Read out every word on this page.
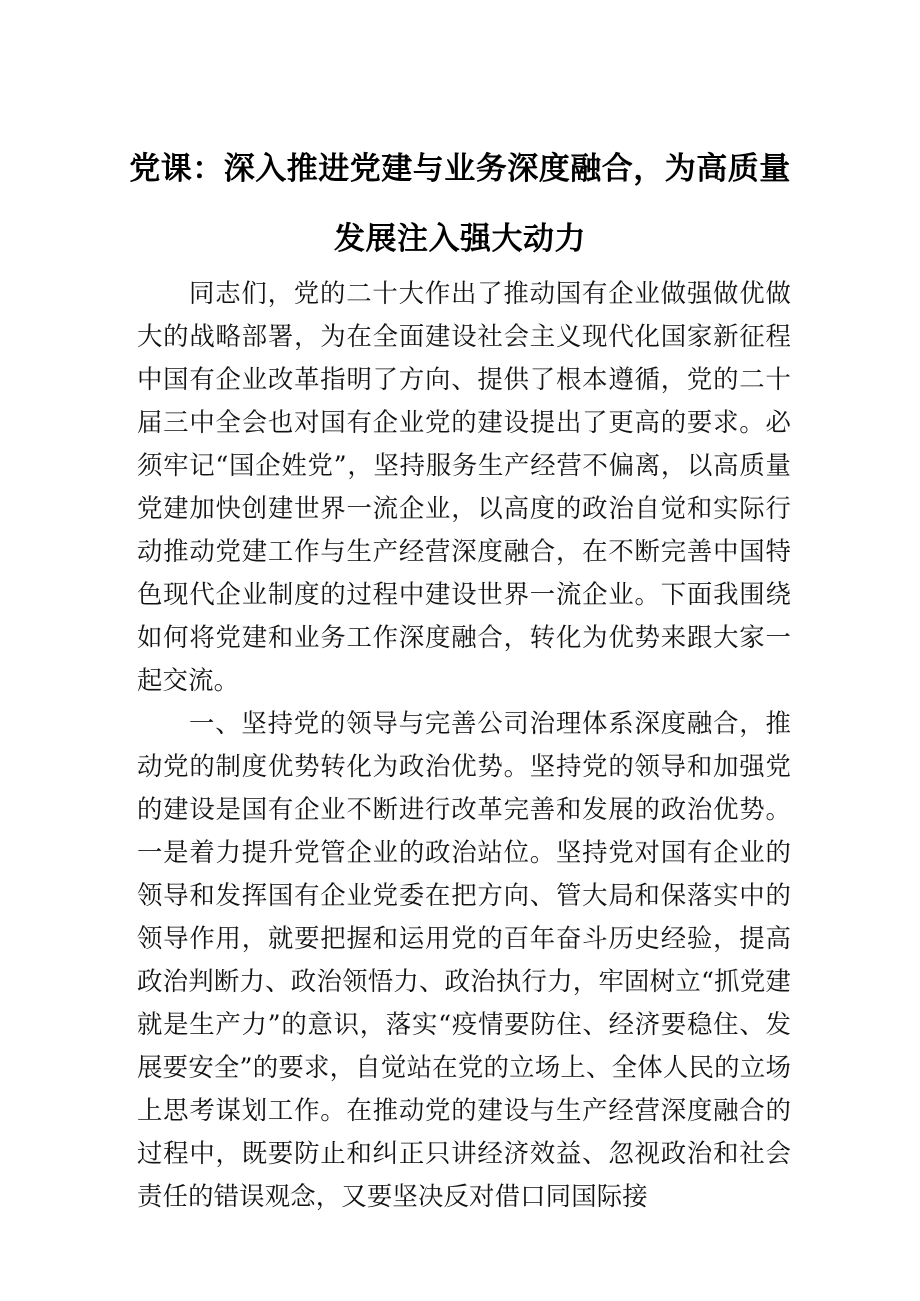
党课：深入推进党建与业务深度融合，为高质量
发展注入强大动力

同志们，党的二十大作出了推动国有企业做强做优做大的战略部署，为在全面建设社会主义现代化国家新征程中国有企业改革指明了方向、提供了根本遵循，党的二十届三中全会也对国有企业党的建设提出了更高的要求。必须牢记“国企姓党”，坚持服务生产经营不偏离，以高质量党建加快创建世界一流企业，以高度的政治自觉和实际行动推动党建工作与生产经营深度融合，在不断完善中国特色现代企业制度的过程中建设世界一流企业。下面我围绕如何将党建和业务工作深度融合，转化为优势来跟大家一起交流。

一、坚持党的领导与完善公司治理体系深度融合，推动党的制度优势转化为政治优势。坚持党的领导和加强党的建设是国有企业不断进行改革完善和发展的政治优势。一是着力提升党管企业的政治站位。坚持党对国有企业的领导和发挥国有企业党委在把方向、管大局和保落实中的领导作用，就要把握和运用党的百年奋斗历史经验，提高政治判断力、政治领悟力、政治执行力，牢固树立“抓党建就是生产力”的意识，落实“疫情要防住、经济要稳住、发展要安全”的要求，自觉站在党的立场上、全体人民的立场上思考谋划工作。在推动党的建设与生产经营深度融合的过程中，既要防止和纠正只讲经济效益、忽视政治和社会责任的错误观念，又要坚决反对借口同国际接
